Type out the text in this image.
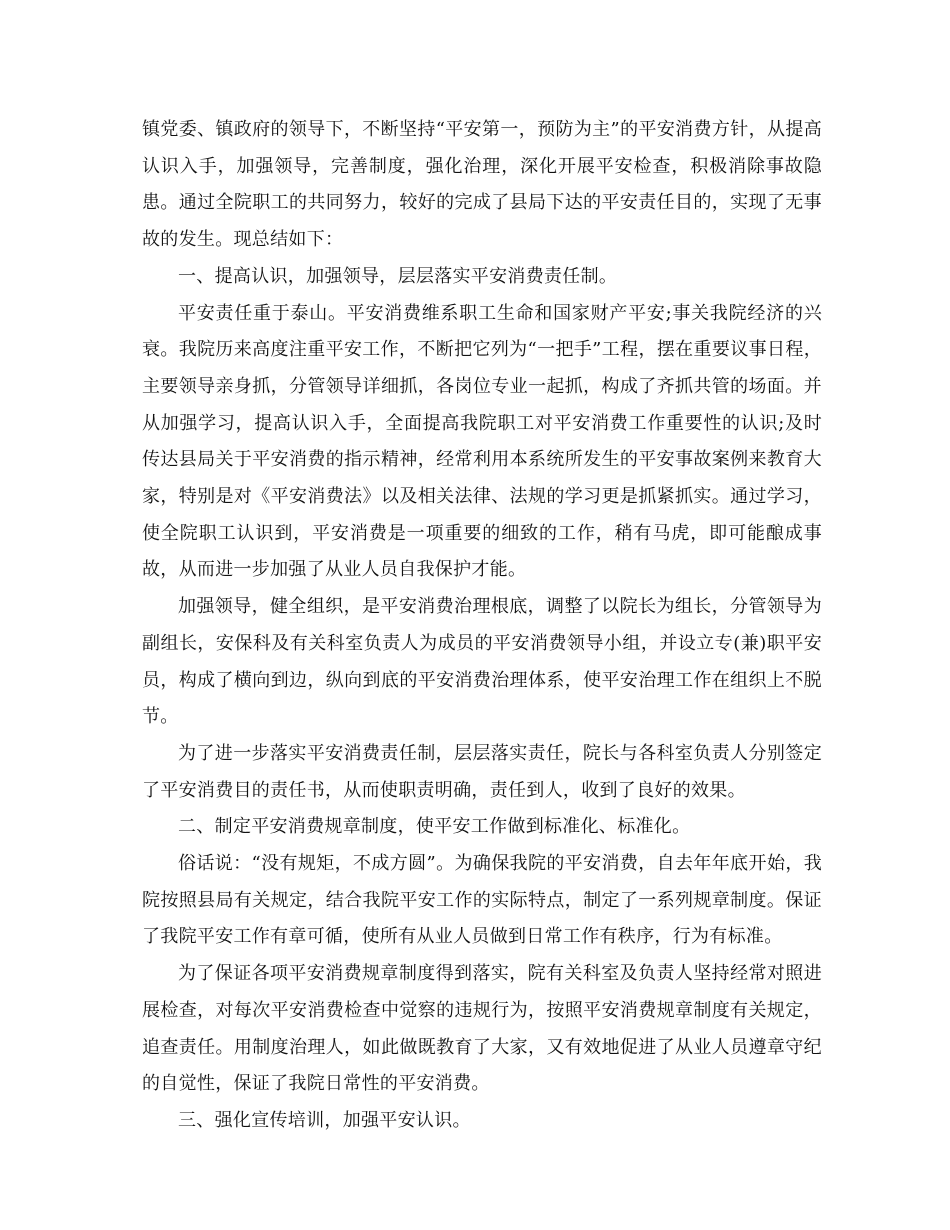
镇党委、镇政府的领导下，不断坚持“平安第一，预防为主”的平安消费方针，从提高认识入手，加强领导，完善制度，强化治理，深化开展平安检查，积极消除事故隐患。通过全院职工的共同努力，较好的完成了县局下达的平安责任目的，实现了无事故的发生。现总结如下：

一、提高认识，加强领导，层层落实平安消费责任制。

平安责任重于泰山。平安消费维系职工生命和国家财产平安;事关我院经济的兴衰。我院历来高度注重平安工作，不断把它列为“一把手”工程，摆在重要议事日程，主要领导亲身抓，分管领导详细抓，各岗位专业一起抓，构成了齐抓共管的场面。并从加强学习，提高认识入手，全面提高我院职工对平安消费工作重要性的认识;及时传达县局关于平安消费的指示精神，经常利用本系统所发生的平安事故案例来教育大家，特别是对《平安消费法》以及相关法律、法规的学习更是抓紧抓实。通过学习，使全院职工认识到，平安消费是一项重要的细致的工作，稍有马虎，即可能酿成事故，从而进一步加强了从业人员自我保护才能。

加强领导，健全组织，是平安消费治理根底，调整了以院长为组长，分管领导为副组长，安保科及有关科室负责人为成员的平安消费领导小组，并设立专(兼)职平安员，构成了横向到边，纵向到底的平安消费治理体系，使平安治理工作在组织上不脱节。

为了进一步落实平安消费责任制，层层落实责任，院长与各科室负责人分别签定了平安消费目的责任书，从而使职责明确，责任到人，收到了良好的效果。

二、制定平安消费规章制度，使平安工作做到标准化、标准化。

俗话说：“没有规矩，不成方圆”。为确保我院的平安消费，自去年年底开始，我院按照县局有关规定，结合我院平安工作的实际特点，制定了一系列规章制度。保证了我院平安工作有章可循，使所有从业人员做到日常工作有秩序，行为有标准。

为了保证各项平安消费规章制度得到落实，院有关科室及负责人坚持经常对照进展检查，对每次平安消费检查中觉察的违规行为，按照平安消费规章制度有关规定，追查责任。用制度治理人，如此做既教育了大家，又有效地促进了从业人员遵章守纪的自觉性，保证了我院日常性的平安消费。

三、强化宣传培训，加强平安认识。
